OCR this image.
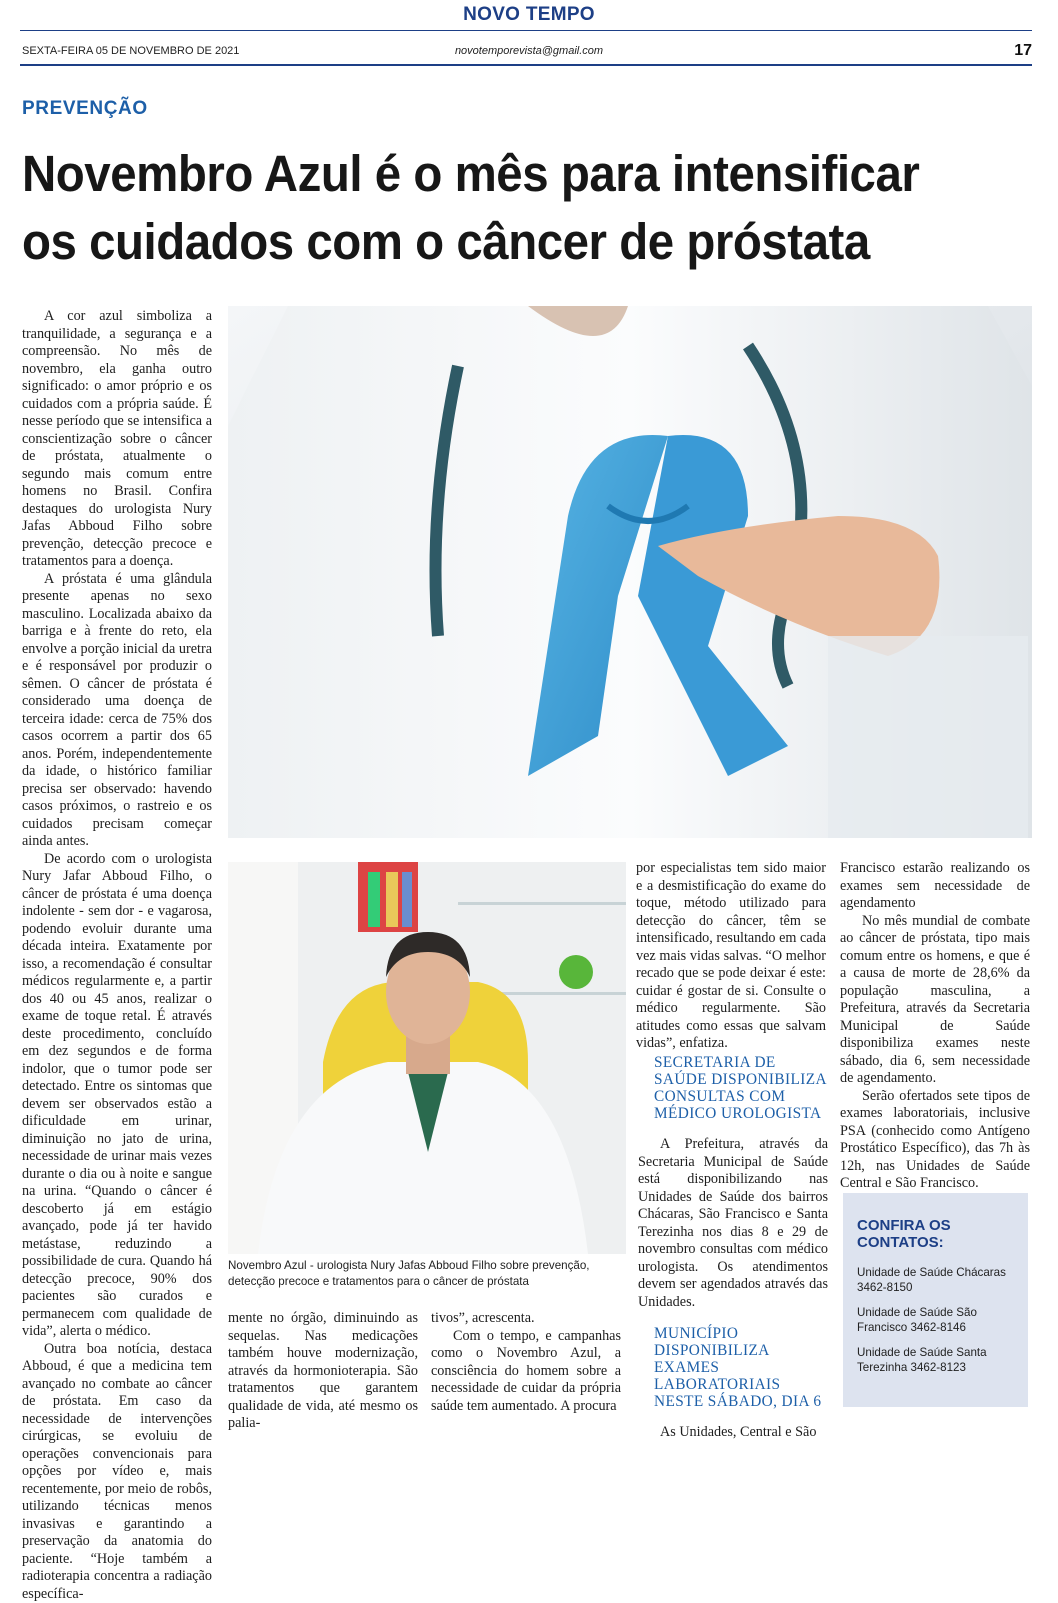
NOVO TEMPO
SEXTA-FEIRA 05 DE NOVEMBRO DE 2021	novotemporevista@gmail.com	17
PREVENÇÃO
Novembro Azul é o mês para intensificar
os cuidados com o câncer de próstata

A cor azul simboliza a tranquilidade, a segurança e a compreensão. No mês de novembro, ela ganha outro significado: o amor próprio e os cuidados com a própria saúde. É nesse período que se intensifica a conscientização sobre o câncer de próstata, atualmente o segundo mais comum entre homens no Brasil. Confira destaques do urologista Nury Jafas Abboud Filho sobre prevenção, detecção precoce e tratamentos para a doença.

A próstata é uma glândula presente apenas no sexo masculino. Localizada abaixo da barriga e à frente do reto, ela envolve a porção inicial da uretra e é responsável por produzir o sêmen. O câncer de próstata é considerado uma doença de terceira idade: cerca de 75% dos casos ocorrem a partir dos 65 anos. Porém, independentemente da idade, o histórico familiar precisa ser observado: havendo casos próximos, o rastreio e os cuidados precisam começar ainda antes.

De acordo com o urologista Nury Jafar Abboud Filho, o câncer de próstata é uma doença indolente - sem dor - e vagarosa, podendo evoluir durante uma década inteira. Exatamente por isso, a recomendação é consultar médicos regularmente e, a partir dos 40 ou 45 anos, realizar o exame de toque retal. É através deste procedimento, concluído em dez segundos e de forma indolor, que o tumor pode ser detectado. Entre os sintomas que devem ser observados estão a dificuldade em urinar, diminuição no jato de urina, necessidade de urinar mais vezes durante o dia ou à noite e sangue na urina. “Quando o câncer é descoberto já em estágio avançado, pode já ter havido metástase, reduzindo a possibilidade de cura. Quando há detecção precoce, 90% dos pacientes são curados e permanecem com qualidade de vida”, alerta o médico.

Outra boa notícia, destaca Abboud, é que a medicina tem avançado no combate ao câncer de próstata. Em caso da necessidade de intervenções cirúrgicas, se evoluiu de operações convencionais para opções por vídeo e, mais recentemente, por meio de robôs, utilizando técnicas menos invasivas e garantindo a preservação da anatomia do paciente. “Hoje também a radioterapia concentra a radiação específica-

Novembro Azul - urologista Nury Jafas Abboud Filho sobre prevenção, detecção precoce e tratamentos para o câncer de próstata

mente no órgão, diminuindo as sequelas. Nas medicações também houve modernização, através da hormonioterapia. São tratamentos que garantem qualidade de vida, até mesmo os palia-

por especialistas tem sido maior e a desmistificação do exame do toque, método utilizado para detecção do câncer, têm se intensificado, resultando em cada vez mais vidas salvas. “O melhor recado que se pode deixar é este: cuidar é gostar de si. Consulte o médico regularmente. São atitudes como essas que salvam vidas”, enfatiza.

tivos”, acrescenta.

Com o tempo, e campanhas como o Novembro Azul, a consciência do homem sobre a necessidade de cuidar da própria saúde tem aumentado. A procura

SECRETARIA DE SAÚDE DISPONIBILIZA CONSULTAS COM MÉDICO UROLOGISTA

A Prefeitura, através da Secretaria Municipal de Saúde está disponibilizando nas Unidades de Saúde dos bairros Chácaras, São Francisco e Santa Terezinha nos dias 8 e 29 de novembro consultas com médico urologista. Os atendimentos devem ser agendados através das Unidades.

MUNICÍPIO DISPONIBILIZA EXAMES LABORATORIAIS NESTE SÁBADO, DIA 6

As Unidades, Central e São

Francisco estarão realizando os exames sem necessidade de agendamento

No mês mundial de combate ao câncer de próstata, tipo mais comum entre os homens, e que é a causa de morte de 28,6% da população masculina, a Prefeitura, através da Secretaria Municipal de Saúde disponibiliza exames neste sábado, dia 6, sem necessidade de agendamento.

Serão ofertados sete tipos de exames laboratoriais, inclusive PSA (conhecido como Antígeno Prostático Específico), das 7h às 12h, nas Unidades de Saúde Central e São Francisco.

CONFIRA OS CONTATOS:
Unidade de Saúde Chácaras 3462-8150
Unidade de Saúde São Francisco 3462-8146
Unidade de Saúde Santa Terezinha 3462-8123
